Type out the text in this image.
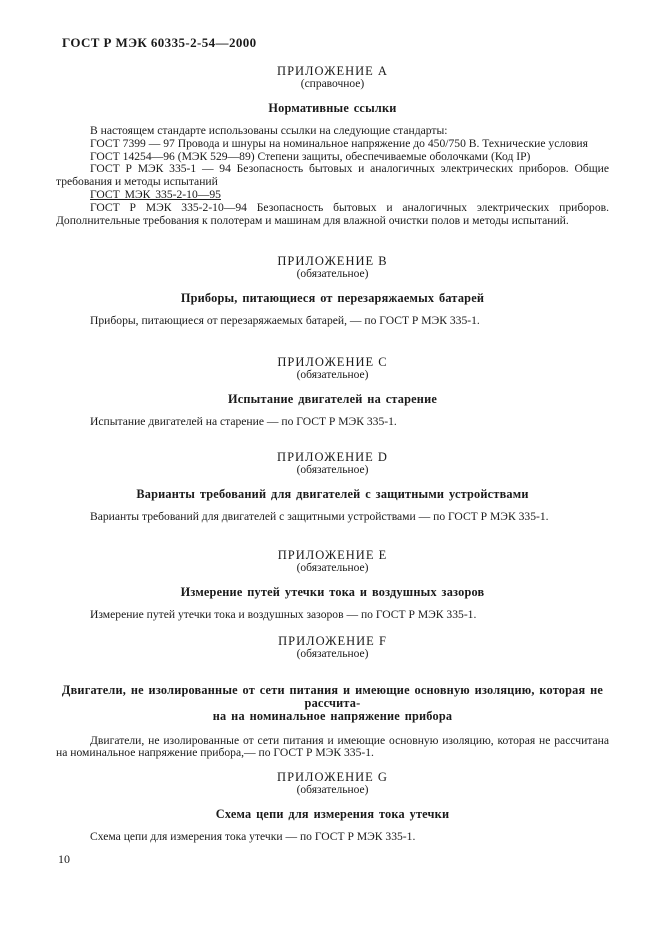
ГОСТ Р МЭК 60335-2-54—2000
ПРИЛОЖЕНИЕ А
(справочное)
Нормативные ссылки

В настоящем стандарте использованы ссылки на следующие стандарты:

ГОСТ 7399 — 97 Провода и шнуры на номинальное напряжение до 450/750 В. Технические условия

ГОСТ 14254—96 (МЭК 529—89) Степени защиты, обеспечиваемые оболочками (Код IP)

ГОСТ Р МЭК 335-1 — 94 Безопасность бытовых и аналогичных электрических приборов. Общие требования и методы испытаний

ГОСТ МЭК 335-2-10—95

ГОСТ Р МЭК 335-2-10—94 Безопасность бытовых и аналогичных электрических приборов. Дополнительные требования к полотерам и машинам для влажной очистки полов и методы испытаний.

ПРИЛОЖЕНИЕ В
(обязательное)
Приборы, питающиеся от перезаряжаемых батарей

Приборы, питающиеся от перезаряжаемых батарей, — по ГОСТ Р МЭК 335-1.

ПРИЛОЖЕНИЕ С
(обязательное)
Испытание двигателей на старение

Испытание двигателей на старение — по ГОСТ Р МЭК 335-1.

ПРИЛОЖЕНИЕ D
(обязательное)
Варианты требований для двигателей с защитными устройствами

Варианты требований для двигателей с защитными устройствами — по ГОСТ Р МЭК 335-1.

ПРИЛОЖЕНИЕ Е
(обязательное)
Измерение путей утечки тока и воздушных зазоров

Измерение путей утечки тока и воздушных зазоров — по ГОСТ Р МЭК 335-1.

ПРИЛОЖЕНИЕ F
(обязательное)
Двигатели, не изолированные от сети питания и имеющие основную изоляцию, которая не рассчита-
на на номинальное напряжение прибора

Двигатели, не изолированные от сети питания и имеющие основную изоляцию, которая не рассчитана на номинальное напряжение прибора,— по ГОСТ Р МЭК 335-1.

ПРИЛОЖЕНИЕ G
(обязательное)
Схема цепи для измерения тока утечки

Схема цепи для измерения тока утечки — по ГОСТ Р МЭК 335-1.

10
